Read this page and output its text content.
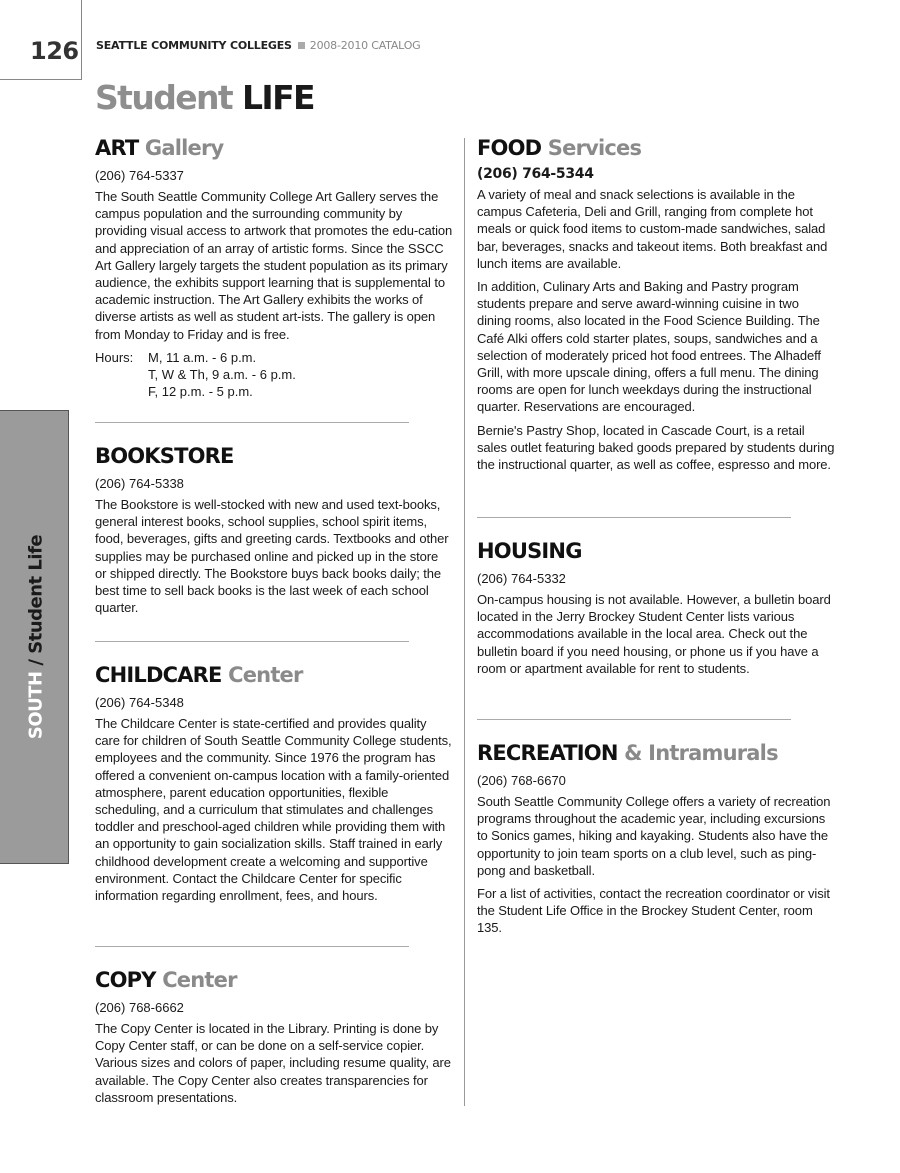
126 SEATTLE COMMUNITY COLLEGES 2008-2010 CATALOG
Student LIFE
SOUTH / Student Life
ART Gallery
(206) 764-5337

The South Seattle Community College Art Gallery serves the campus population and the surrounding community by providing visual access to artwork that promotes the edu-cation and appreciation of an array of artistic forms. Since the SSCC Art Gallery largely targets the student population as its primary audience, the exhibits support learning that is supplemental to academic instruction. The Art Gallery exhibits the works of diverse artists as well as student art-ists. The gallery is open from Monday to Friday and is free.

Hours:	M, 11 a.m. - 6 p.m.
T, W & Th, 9 a.m. - 6 p.m.
F, 12 p.m. - 5 p.m.
BOOKSTORE
(206) 764-5338

The Bookstore is well-stocked with new and used text-books, general interest books, school supplies, school spirit items, food, beverages, gifts and greeting cards. Textbooks and other supplies may be purchased online and picked up in the store or shipped directly. The Bookstore buys back books daily; the best time to sell back books is the last week of each school quarter.

CHILDCARE Center
(206) 764-5348

The Childcare Center is state-certified and provides quality care for children of South Seattle Community College students, employees and the community. Since 1976 the program has offered a convenient on-campus location with a family-oriented atmosphere, parent education opportunities, flexible scheduling, and a curriculum that stimulates and challenges toddler and preschool-aged children while providing them with an opportunity to gain socialization skills. Staff trained in early childhood development create a welcoming and supportive environment. Contact the Childcare Center for specific information regarding enrollment, fees, and hours.

COPY Center
(206) 768-6662

The Copy Center is located in the Library. Printing is done by Copy Center staff, or can be done on a self-service copier. Various sizes and colors of paper, including resume quality, are available. The Copy Center also creates transparencies for classroom presentations.

FOOD Services
(206) 764-5344

A variety of meal and snack selections is available in the campus Cafeteria, Deli and Grill, ranging from complete hot meals or quick food items to custom-made sandwiches, salad bar, beverages, snacks and takeout items. Both breakfast and lunch items are available.

In addition, Culinary Arts and Baking and Pastry program students prepare and serve award-winning cuisine in two dining rooms, also located in the Food Science Building. The Café Alki offers cold starter plates, soups, sandwiches and a selection of moderately priced hot food entrees. The Alhadeff Grill, with more upscale dining, offers a full menu. The dining rooms are open for lunch weekdays during the instructional quarter. Reservations are encouraged.

Bernie's Pastry Shop, located in Cascade Court, is a retail sales outlet featuring baked goods prepared by students during the instructional quarter, as well as coffee, espresso and more.

HOUSING
(206) 764-5332

On-campus housing is not available. However, a bulletin board located in the Jerry Brockey Student Center lists various accommodations available in the local area. Check out the bulletin board if you need housing, or phone us if you have a room or apartment available for rent to students.

RECREATION & Intramurals
(206) 768-6670

South Seattle Community College offers a variety of recreation programs throughout the academic year, including excursions to Sonics games, hiking and kayaking. Students also have the opportunity to join team sports on a club level, such as ping-pong and basketball.

For a list of activities, contact the recreation coordinator or visit the Student Life Office in the Brockey Student Center, room 135.
